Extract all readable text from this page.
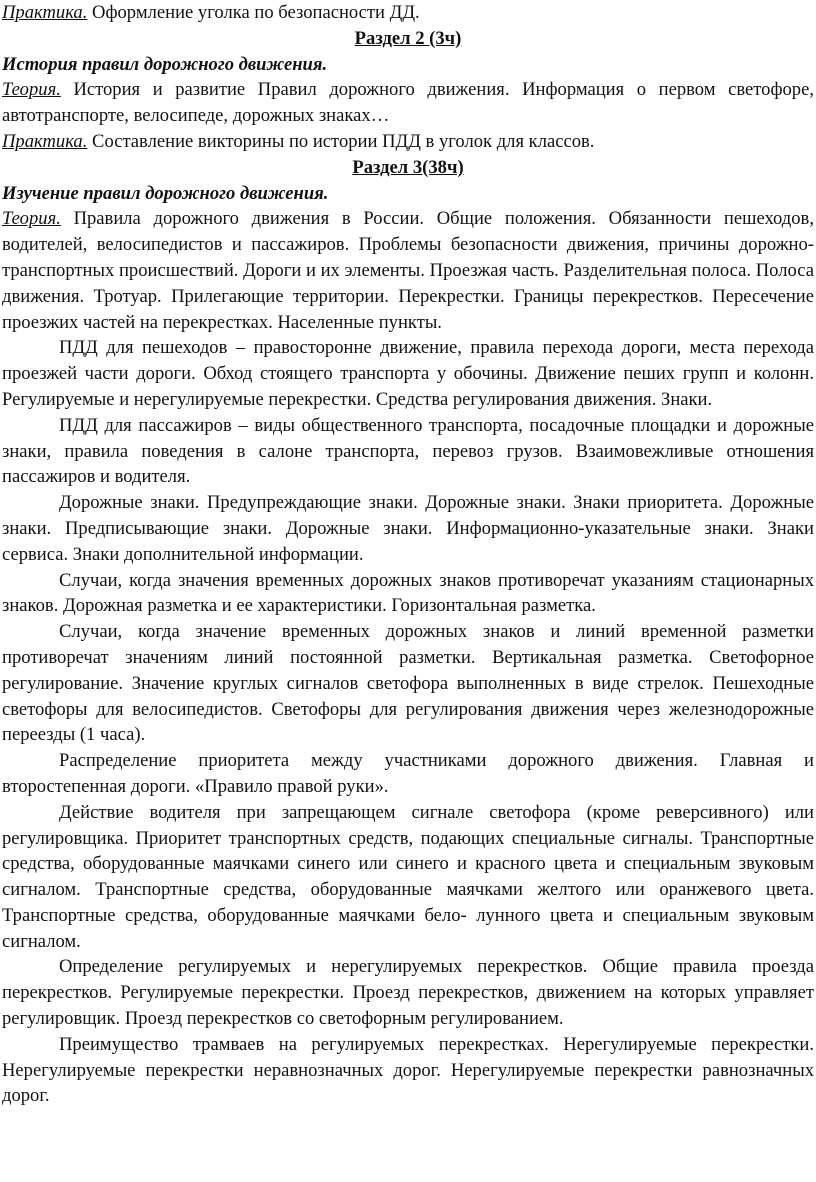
Практика. Оформление уголка по безопасности ДД.
Раздел 2 (3ч)
История правил дорожного движения.
Теория. История и развитие Правил дорожного движения. Информация о первом светофоре, автотранспорте, велосипеде, дорожных знаках…
Практика. Составление викторины по истории ПДД в уголок для классов.
Раздел 3(38ч)
Изучение правил дорожного движения.
Теория. Правила дорожного движения в России. Общие положения. Обязанности пешеходов, водителей, велосипедистов и пассажиров. Проблемы безопасности движения, причины дорожно-транспортных происшествий. Дороги и их элементы. Проезжая часть. Разделительная полоса. Полоса движения. Тротуар. Прилегающие территории. Перекрестки. Границы перекрестков. Пересечение проезжих частей на перекрестках. Населенные пункты.
ПДД для пешеходов – правосторонне движение, правила перехода дороги, места перехода проезжей части дороги. Обход стоящего транспорта у обочины. Движение пеших групп и колонн. Регулируемые и нерегулируемые перекрестки. Средства регулирования движения. Знаки.
ПДД для пассажиров – виды общественного транспорта, посадочные площадки и дорожные знаки, правила поведения в салоне транспорта, перевоз грузов. Взаимовежливые отношения пассажиров и водителя.
Дорожные знаки. Предупреждающие знаки. Дорожные знаки. Знаки приоритета. Дорожные знаки. Предписывающие знаки. Дорожные знаки. Информационно-указательные знаки. Знаки сервиса. Знаки дополнительной информации.
Случаи, когда значения временных дорожных знаков противоречат указаниям стационарных знаков. Дорожная разметка и ее характеристики. Горизонтальная разметка.
Случаи, когда значение временных дорожных знаков и линий временной разметки противоречат значениям линий постоянной разметки. Вертикальная разметка. Светофорное регулирование. Значение круглых сигналов светофора выполненных в виде стрелок. Пешеходные светофоры для велосипедистов. Светофоры для регулирования движения через железнодорожные переезды (1 часа).
Распределение приоритета между участниками дорожного движения. Главная и второстепенная дороги. «Правило правой руки».
Действие водителя при запрещающем сигнале светофора (кроме реверсивного) или регулировщика. Приоритет транспортных средств, подающих специальные сигналы. Транспортные средства, оборудованные маячками синего или синего и красного цвета и специальным звуковым сигналом. Транспортные средства, оборудованные маячками желтого или оранжевого цвета. Транспортные средства, оборудованные маячками бело- лунного цвета и специальным звуковым сигналом.
Определение регулируемых и нерегулируемых перекрестков. Общие правила проезда перекрестков. Регулируемые перекрестки. Проезд перекрестков, движением на которых управляет регулировщик. Проезд перекрестков со светофорным регулированием.
Преимущество трамваев на регулируемых перекрестках. Нерегулируемые перекрестки. Нерегулируемые перекрестки неравнозначных дорог. Нерегулируемые перекрестки равнозначных дорог.
